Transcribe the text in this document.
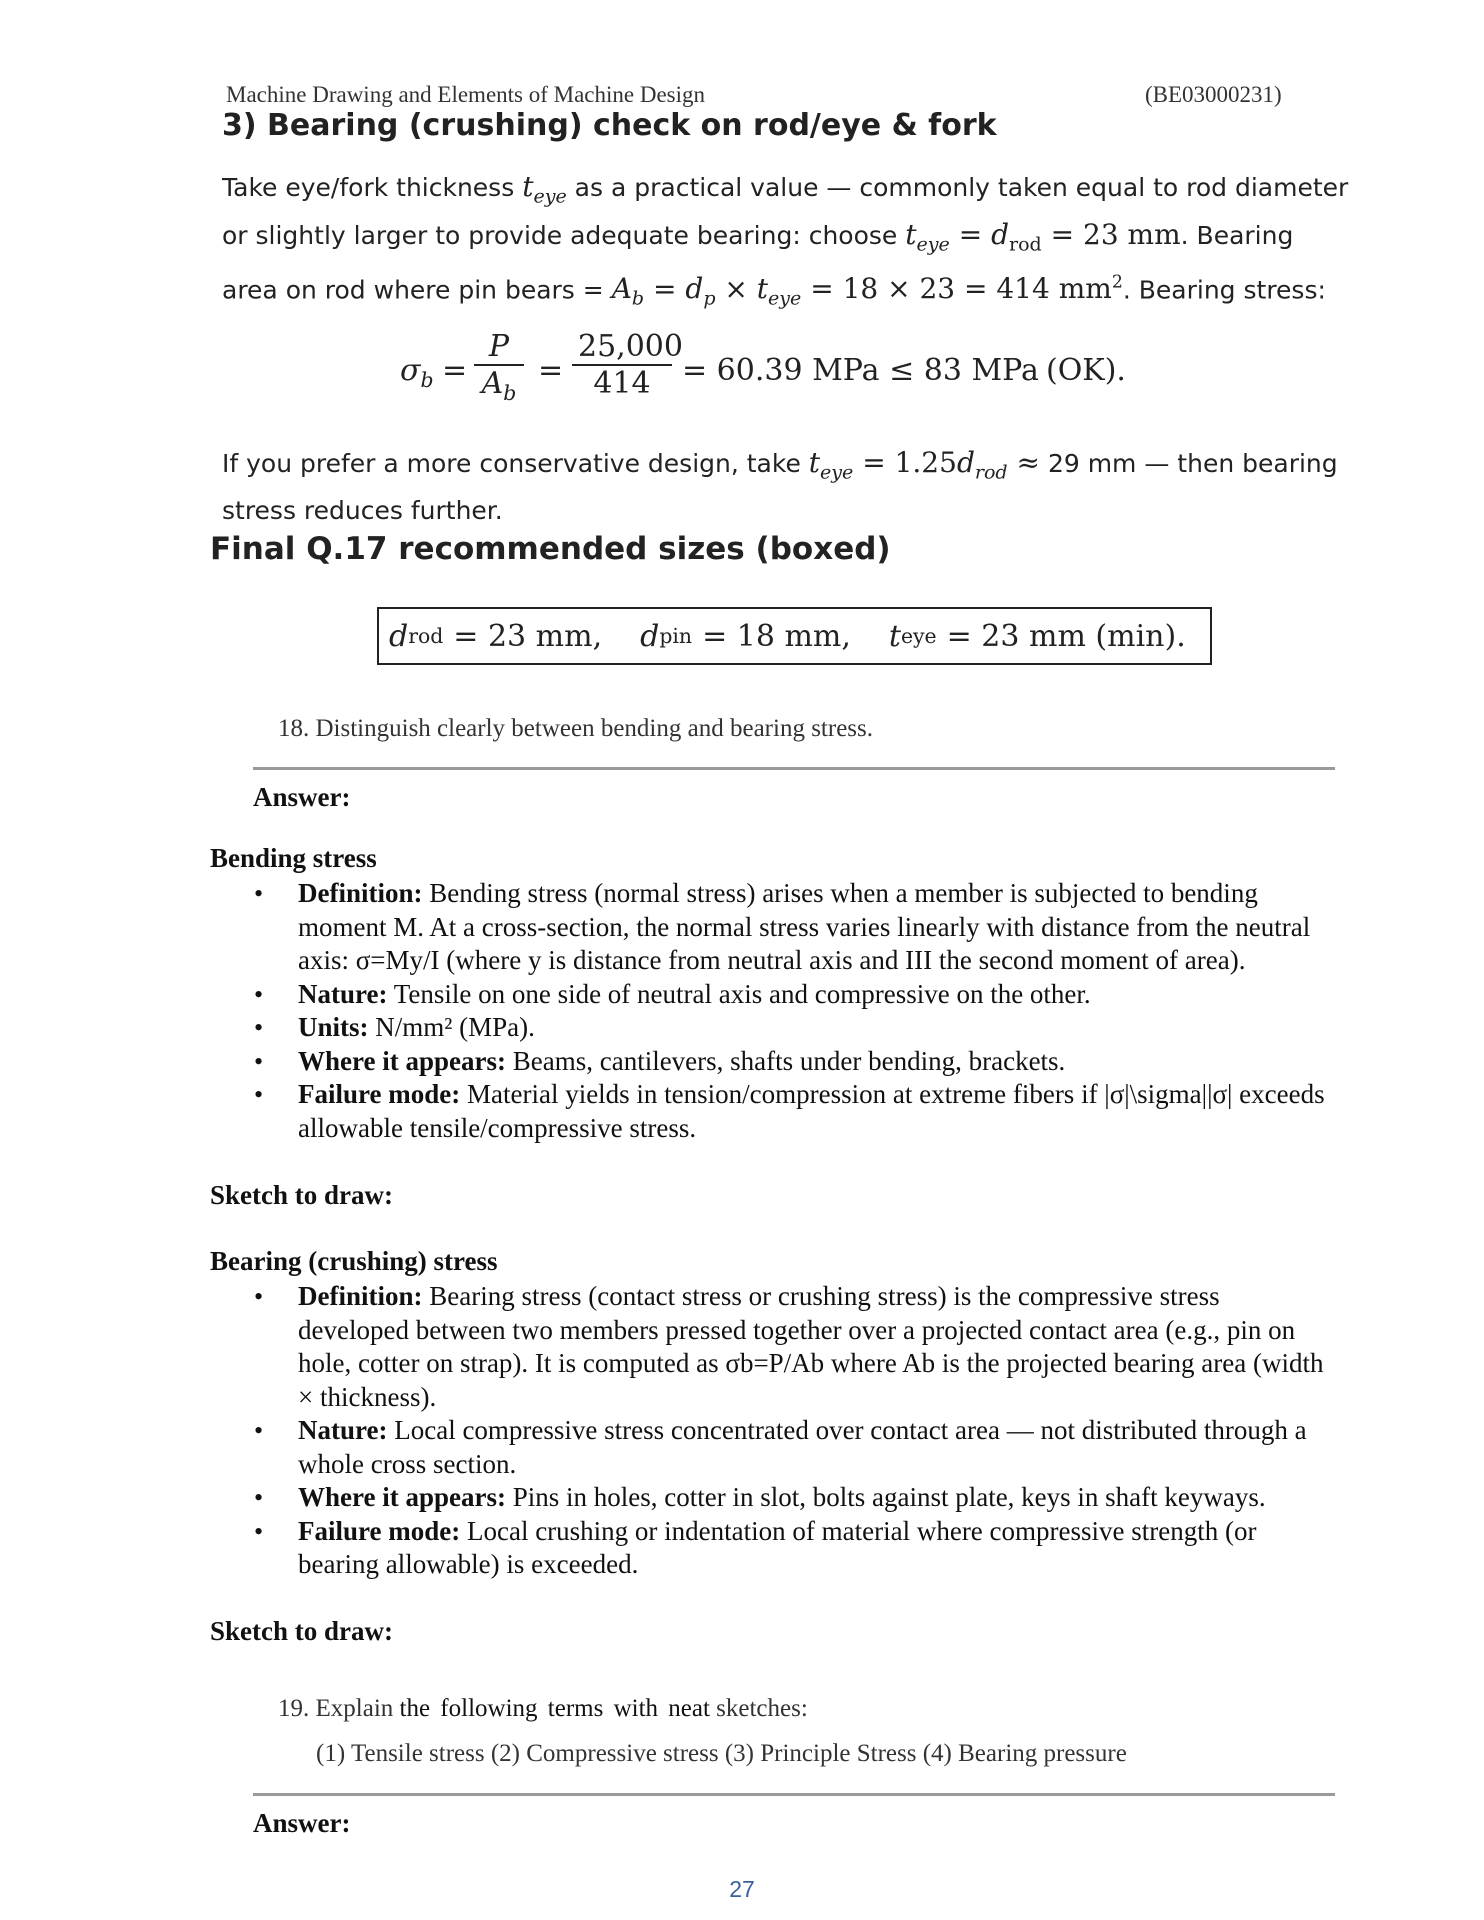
Machine Drawing and Elements of Machine Design	(BE03000231)
3) Bearing (crushing) check on rod/eye & fork
Take eye/fork thickness $t_{eye}$ as a practical value — commonly taken equal to rod diameter
or slightly larger to provide adequate bearing: choose $t_{eye} = d_{rod} = 23$ mm. Bearing
area on rod where pin bears = $A_b = d_p \times t_{eye} = 18 \times 23 = 414$ $mm^2$. Bearing stress:
$\sigma_b$ =
P
$A_b$
=
25,000
414	= 60.39 MPa ≤ 83 MPa (OK).
If you prefer a more conservative design, take $t_{eye} = 1.25d_{rod} \approx 29$ mm — then bearing
stress reduces further.
Final Q.17 recommended sizes (boxed)
d rod = 23 mm, d pin = 18 mm, t eye = 23 mm (min).
18. Distinguish clearly between bending and bearing stress.
Answer:
Bending stress
• Definition: Bending stress (normal stress) arises when a member is subjected to bending moment M. At a cross-section, the normal stress varies linearly with distance from the neutral axis: σ=My/I (where y is distance from neutral axis and III the second moment of area).
• Nature: Tensile on one side of neutral axis and compressive on the other.
• Units: N/mm² (MPa).
• Where it appears: Beams, cantilevers, shafts under bending, brackets.
• Failure mode: Material yields in tension/compression at extreme fibers if |σ|\sigma||σ| exceeds allowable tensile/compressive stress.
Sketch to draw:
Bearing (crushing) stress
• Definition: Bearing stress (contact stress or crushing stress) is the compressive stress developed between two members pressed together over a projected contact area (e.g., pin on hole, cotter on strap). It is computed as σb=P/Ab where Ab is the projected bearing area (width × thickness).
• Nature: Local compressive stress concentrated over contact area — not distributed through a whole cross section.
• Where it appears: Pins in holes, cotter in slot, bolts against plate, keys in shaft keyways.
• Failure mode: Local crushing or indentation of material where compressive strength (or bearing allowable) is exceeded.
Sketch to draw:
19. Explain the following terms with neat sketches:
(1) Tensile stress (2) Compressive stress (3) Principle Stress (4) Bearing pressure
Answer:
27
